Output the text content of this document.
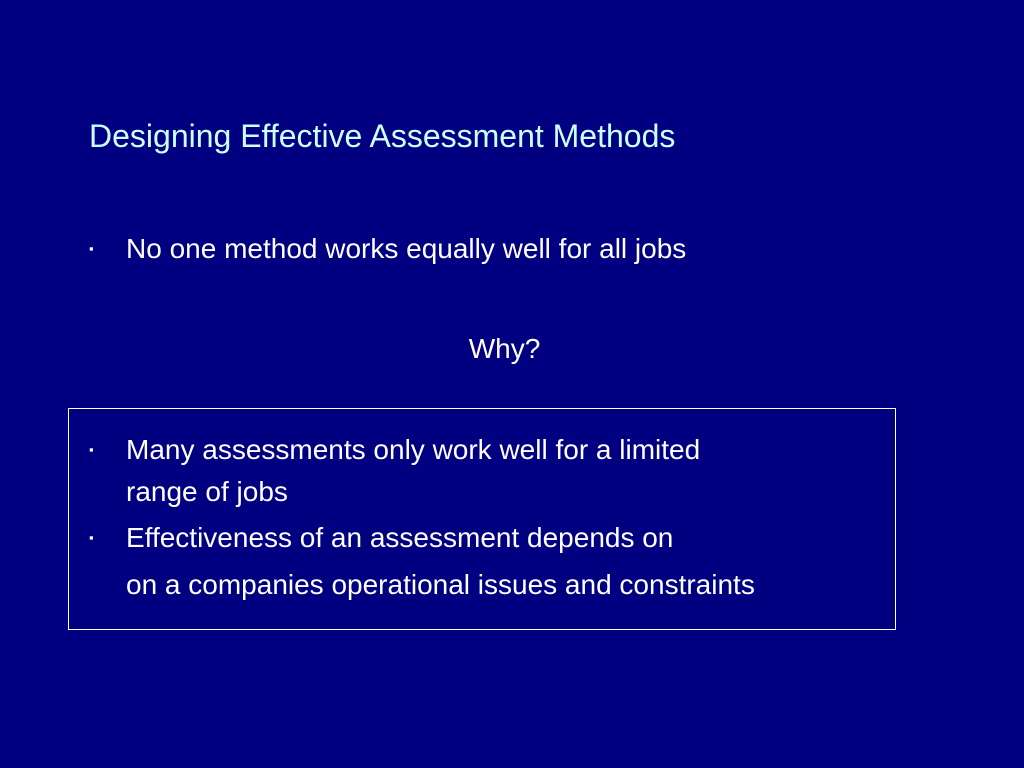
Designing Effective Assessment Methods
▪	No one method works equally well for all jobs
Why?
▪	Many assessments only work well for a limited
range of jobs
▪	Effectiveness of an assessment depends on
on a companies operational issues and constraints
